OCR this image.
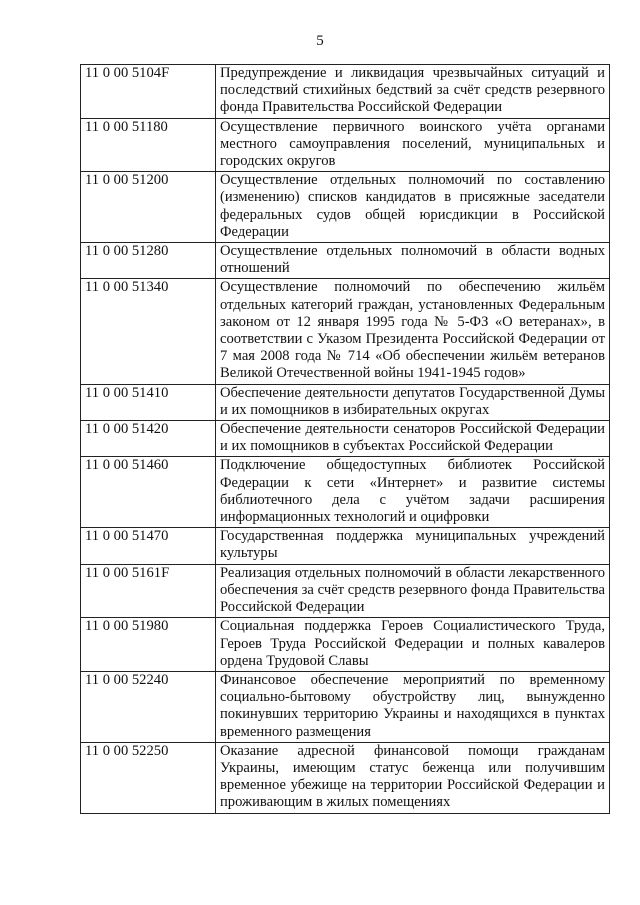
5
11 0 00 5104F	Предупреждение и ликвидация чрезвычайных ситуаций и последствий стихийных бедствий за счёт средств резервного фонда Правительства Российской Федерации
11 0 00 51180	Осуществление первичного воинского учёта органами местного самоуправления поселений, муниципальных и городских округов
11 0 00 51200	Осуществление отдельных полномочий по составлению (изменению) списков кандидатов в присяжные заседатели федеральных судов общей юрисдикции в Российской Федерации
11 0 00 51280	Осуществление отдельных полномочий в области водных отношений
11 0 00 51340	Осуществление полномочий по обеспечению жильём отдельных категорий граждан, установленных Федеральным законом от 12 января 1995 года № 5-ФЗ «О ветеранах», в соответствии с Указом Президента Российской Федерации от 7 мая 2008 года № 714 «Об обеспечении жильём ветеранов Великой Отечественной войны 1941-1945 годов»
11 0 00 51410	Обеспечение деятельности депутатов Государственной Думы и их помощников в избирательных округах
11 0 00 51420	Обеспечение деятельности сенаторов Российской Федерации и их помощников в субъектах Российской Федерации
11 0 00 51460	Подключение общедоступных библиотек Российской Федерации к сети «Интернет» и развитие системы библиотечного дела с учётом задачи расширения информационных технологий и оцифровки
11 0 00 51470	Государственная поддержка муниципальных учреждений культуры
11 0 00 5161F	Реализация отдельных полномочий в области лекарственного обеспечения за счёт средств резервного фонда Правительства Российской Федерации
11 0 00 51980	Социальная поддержка Героев Социалистического Труда, Героев Труда Российской Федерации и полных кавалеров ордена Трудовой Славы
11 0 00 52240	Финансовое обеспечение мероприятий по временному социально-бытовому обустройству лиц, вынужденно покинувших территорию Украины и находящихся в пунктах временного размещения
11 0 00 52250	Оказание адресной финансовой помощи гражданам Украины, имеющим статус беженца или получившим временное убежище на территории Российской Федерации и проживающим в жилых помещениях
